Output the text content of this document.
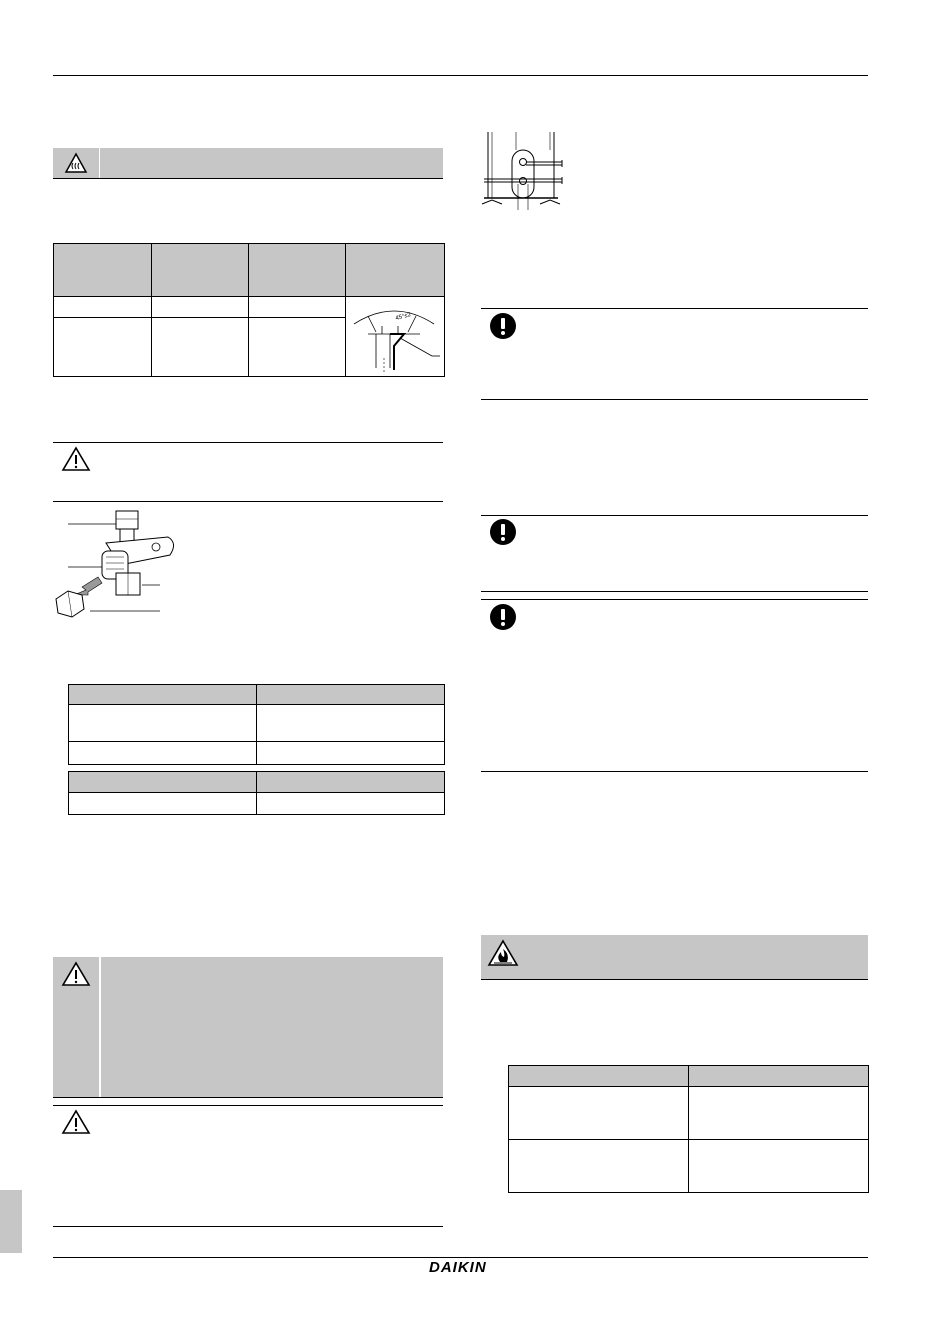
45°±2

DAIKIN
